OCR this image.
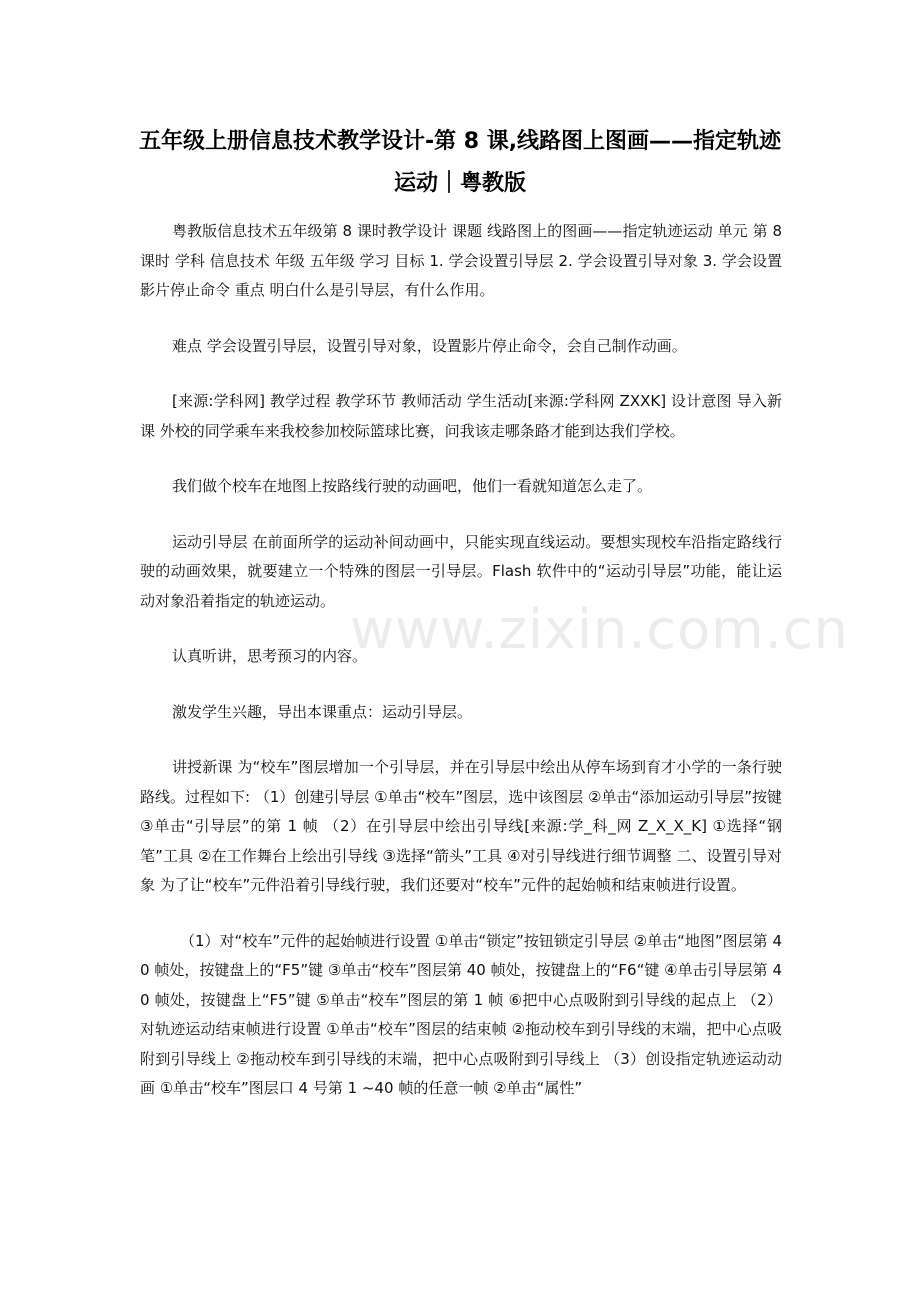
五年级上册信息技术教学设计-第 8 课,线路图上图画——指定轨迹运动｜粤教版

粤教版信息技术五年级第 8 课时教学设计 课题 线路图上的图画——指定轨迹运动 单元 第 8 课时 学科 信息技术 年级 五年级 学习 目标 1. 学会设置引导层 2. 学会设置引导对象 3. 学会设置影片停止命令 重点 明白什么是引导层，有什么作用。

难点 学会设置引导层，设置引导对象，设置影片停止命令，会自己制作动画。

[来源:学科网] 教学过程 教学环节 教师活动 学生活动[来源:学科网 ZXXK] 设计意图 导入新课 外校的同学乘车来我校参加校际篮球比赛，问我该走哪条路才能到达我们学校。

我们做个校车在地图上按路线行驶的动画吧，他们一看就知道怎么走了。

运动引导层 在前面所学的运动补间动画中，只能实现直线运动。要想实现校车沿指定路线行驶的动画效果，就要建立一个特殊的图层一引导层。Flash 软件中的“运动引导层”功能，能让运动对象沿着指定的轨迹运动。

认真听讲，思考预习的内容。

激发学生兴趣，导出本课重点：运动引导层。

讲授新课 为“校车”图层增加一个引导层，并在引导层中绘出从停车场到育才小学的一条行驶路线。过程如下: （1）创建引导层 ①单击“校车”图层，选中该图层 ②单击“添加运动引导层”按键 ③单击“引导层”的第 1 帧 （2）在引导层中绘出引导线[来源:学_科_网 Z_X_X_K] ①选择“钢笔”工具 ②在工作舞台上绘出引导线 ③选择“箭头”工具 ④对引导线进行细节调整 二、设置引导对象 为了让“校车”元件沿着引导线行驶，我们还要对“校车”元件的起始帧和结束帧进行设置。

（1）对“校车”元件的起始帧进行设置 ①单击“锁定”按钮锁定引导层 ②单击“地图”图层第 40 帧处，按键盘上的“F5”键 ③单击“校车”图层第 40 帧处，按键盘上的“F6“键 ④单击引导层第 40 帧处，按键盘上“F5”键 ⑤单击“校车”图层的第 1 帧 ⑥把中心点吸附到引导线的起点上 （2）对轨迹运动结束帧进行设置 ①单击“校车”图层的结束帧 ②拖动校车到引导线的末端，把中心点吸附到引导线上 ②拖动校车到引导线的末端，把中心点吸附到引导线上 （3）创设指定轨迹运动动画 ①单击“校车”图层口 4 号第 1 ~40 帧的任意一帧 ②单击“属性”

www.zixin.com.cn
